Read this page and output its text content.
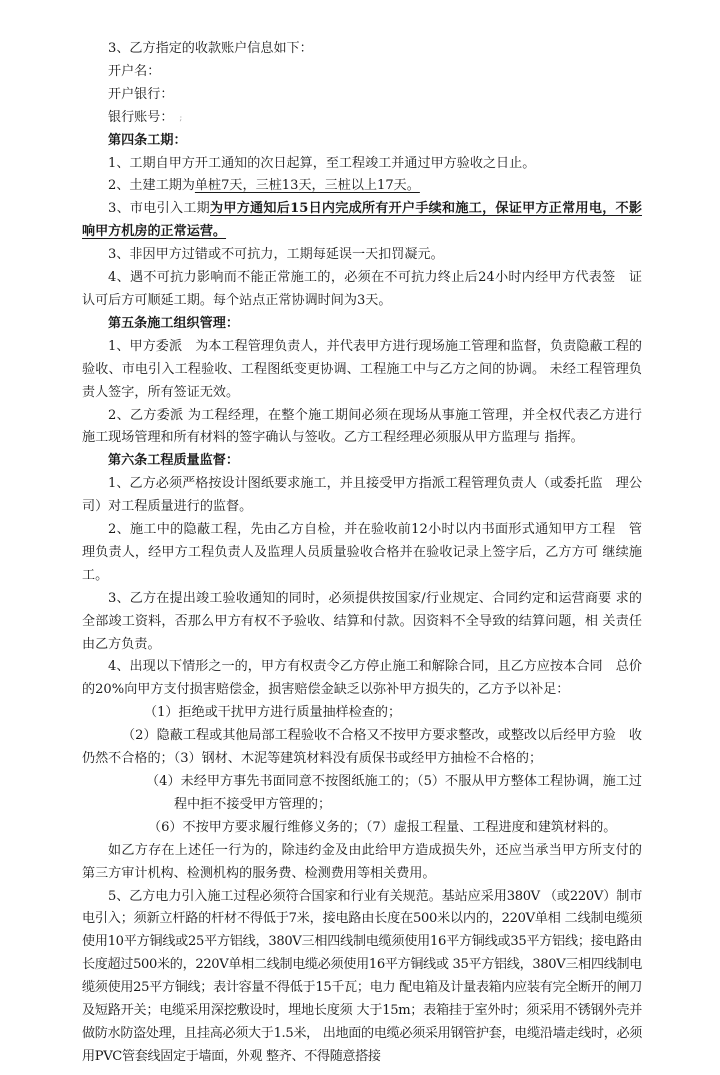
3、乙方指定的收款账户信息如下：

开户名：

开户银行：

银行账号： ;

第四条工期：

1、工期自甲方开工通知的次日起算，至工程竣工并通过甲方验收之日止。

2、土建工期为单桩7天，三桩13天，三桩以上17天。

3、市电引入工期为甲方通知后15日内完成所有开户手续和施工，保证甲方正常用电，不影响甲方机房的正常运营。

3、非因甲方过错或不可抗力，工期每延误一天扣罚凝元。

4、遇不可抗力影响而不能正常施工的，必须在不可抗力终止后24小时内经甲方代表签　证认可后方可顺延工期。每个站点正常协调时间为3天。

第五条施工组织管理：

1、甲方委派　为本工程管理负责人，并代表甲方进行现场施工管理和监督，负责隐蔽工程的验收、市电引入工程验收、工程图纸变更协调、工程施工中与乙方之间的协调。 未经工程管理负责人签字，所有签证无效。

2、乙方委派 为工程经理，在整个施工期间必须在现场从事施工管理，并全权代表乙方进行施工现场管理和所有材料的签字确认与签收。乙方工程经理必须服从甲方监理与 指挥。

第六条工程质量监督：

1、乙方必须严格按设计图纸要求施工，并且接受甲方指派工程管理负责人（或委托监　理公司）对工程质量进行的监督。

2、施工中的隐蔽工程，先由乙方自检，并在验收前12小时以内书面形式通知甲方工程　管理负责人，经甲方工程负责人及监理人员质量验收合格并在验收记录上签字后，乙方方可 继续施工。

3、乙方在提出竣工验收通知的同时，必须提供按国家/行业规定、合同约定和运营商要 求的全部竣工资料，否那么甲方有权不予验收、结算和付款。因资料不全导致的结算问题，相 关责任由乙方负责。

4、出现以下情形之一的，甲方有权责令乙方停止施工和解除合同，且乙方应按本合同　总价的20%向甲方支付损害赔偿金，损害赔偿金缺乏以弥补甲方损失的，乙方予以补足：

（1）拒绝或干扰甲方进行质量抽样检查的；

（2）隐蔽工程或其他局部工程验收不合格又不按甲方要求整改，或整改以后经甲方验　收仍然不合格的；（3）钢材、木泥等建筑材料没有质保书或经甲方抽检不合格的；

（4）未经甲方事先书面同意不按图纸施工的；（5）不服从甲方整体工程协调，施工过程中拒不接受甲方管理的；

（6）不按甲方要求履行维修义务的；（7）虚报工程量、工程进度和建筑材料的。

如乙方存在上述任一行为的，除违约金及由此给甲方造成损失外，还应当承当甲方所支付的第三方审计机构、检测机构的服务费、检测费用等相关费用。

5、乙方电力引入施工过程必须符合国家和行业有关规范。基站应采用380V （或220V）制市电引入；须新立杆路的杆材不得低于7米，接电路由长度在500米以内的，220V单相 二线制电缆须使用10平方铜线或25平方铝线，380V三相四线制电缆须使用16平方铜线或35平方铝线；接电路由长度超过500米的，220V单相二线制电缆必须使用16平方铜线或 35平方铝线，380V三相四线制电缆须使用25平方铜线；表计容量不得低于15千瓦；电力 配电箱及计量表箱内应装有完全断开的闸刀及短路开关；电缆采用深挖敷设时，埋地长度须 大于15m；表箱挂于室外时；须采用不锈钢外壳并做防水防盗处理，且挂高必须大于1.5米， 出地面的电缆必须采用钢管护套，电缆沿墙走线时，必须用PVC管套线固定于墙面，外观 整齐、不得随意搭接
